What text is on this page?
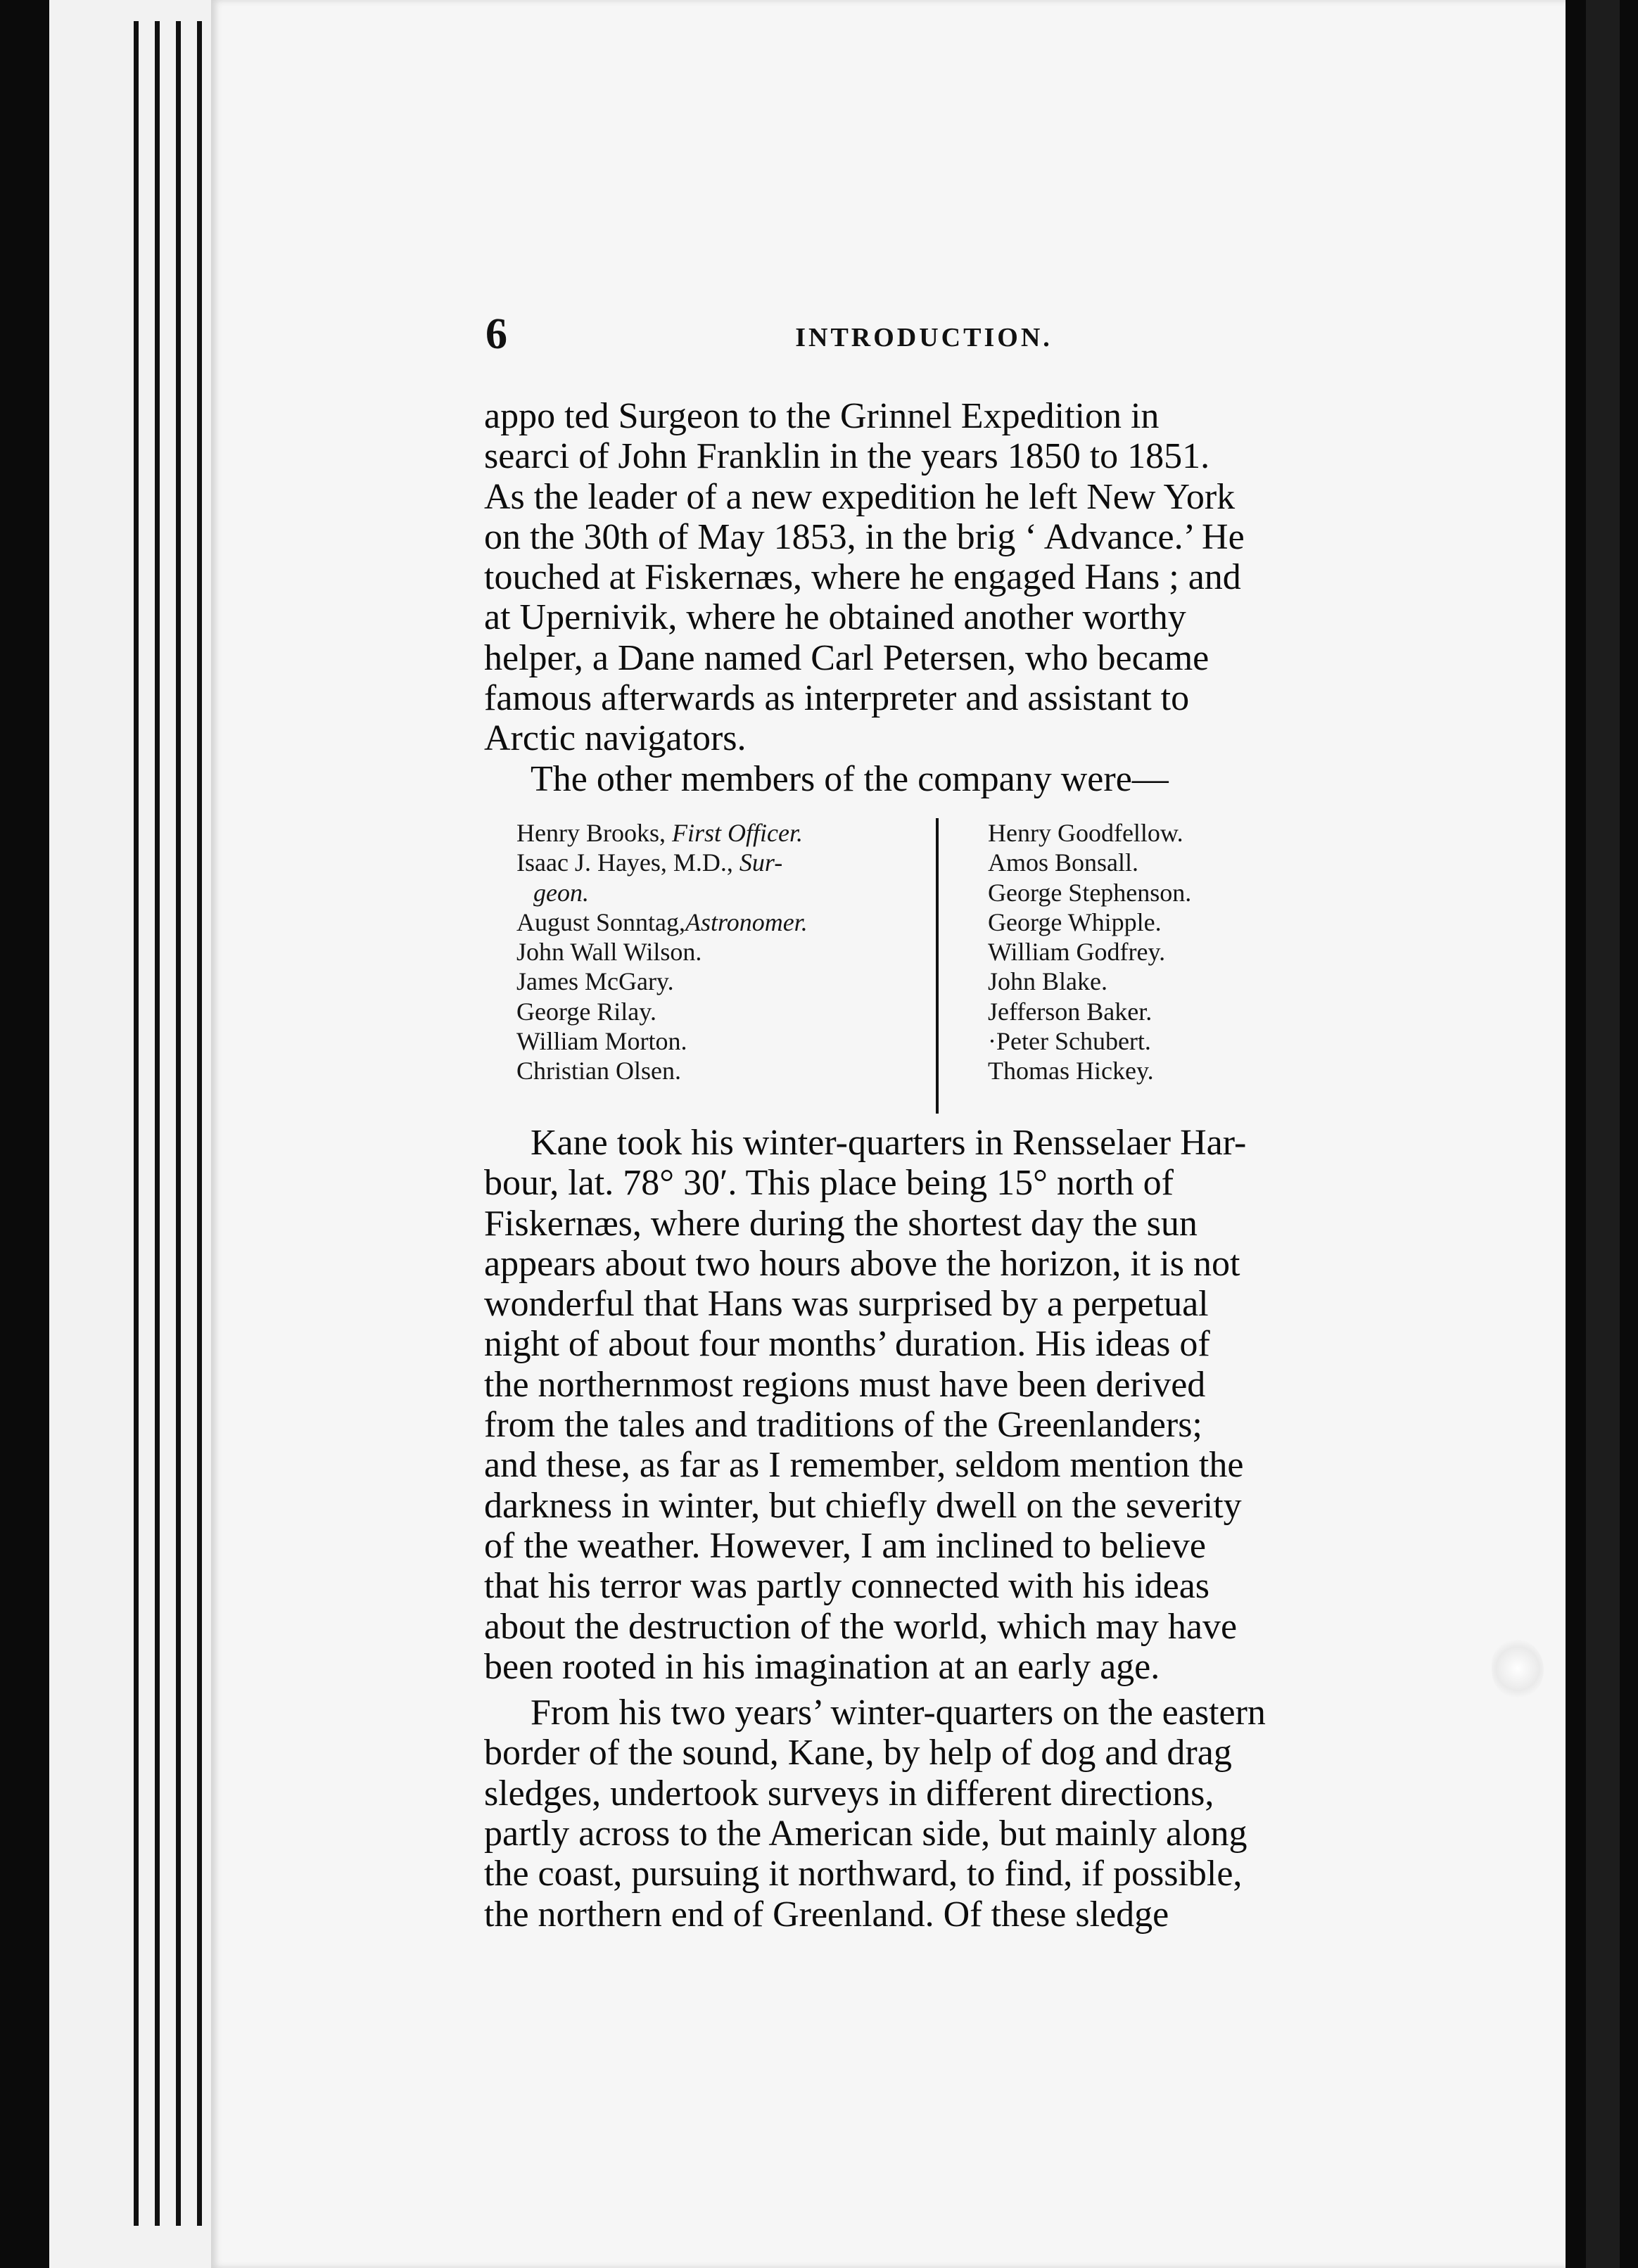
6	INTRODUCTION.

appo ted Surgeon to the Grinnel Expedition in

searci of John Franklin in the years 1850 to 1851.

As the leader of a new expedition he left New York

on the 30th of May 1853, in the brig ‘ Advance.’ He

touched at Fiskernæs, where he engaged Hans ; and

at Upernivik, where he obtained another worthy

helper, a Dane named Carl Petersen, who became

famous afterwards as interpreter and assistant to

Arctic navigators.

The other members of the company were—

Henry Brooks, First Officer.
Isaac J. Hayes, M.D., Sur-
geon.
August Sonntag,Astronomer.
John Wall Wilson.
James McGary.
George Rilay.
William Morton.
Christian Olsen.
Henry Goodfellow.
Amos Bonsall.
George Stephenson.
George Whipple.
William Godfrey.
John Blake.
Jefferson Baker.
·Peter Schubert.
Thomas Hickey.

Kane took his winter-quarters in Rensselaer Har-

bour, lat. 78° 30′. This place being 15° north of

Fiskernæs, where during the shortest day the sun

appears about two hours above the horizon, it is not

wonderful that Hans was surprised by a perpetual

night of about four months’ duration. His ideas of

the northernmost regions must have been derived

from the tales and traditions of the Greenlanders;

and these, as far as I remember, seldom mention the

darkness in winter, but chiefly dwell on the severity

of the weather. However, I am inclined to believe

that his terror was partly connected with his ideas

about the destruction of the world, which may have

been rooted in his imagination at an early age.

From his two years’ winter-quarters on the eastern

border of the sound, Kane, by help of dog and drag

sledges, undertook surveys in different directions,

partly across to the American side, but mainly along

the coast, pursuing it northward, to find, if possible,

the northern end of Greenland. Of these sledge
